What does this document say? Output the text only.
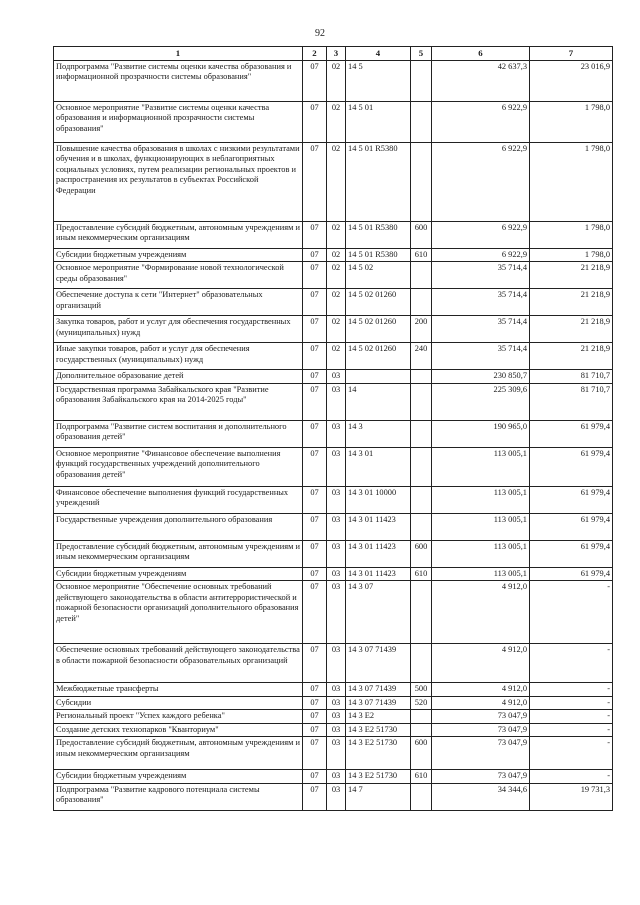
92
1	2	3	4	5	6	7
Подпрограмма "Развитие системы оценки качества образования и информационной прозрачности системы образования"	07	02	14 5		42 637,3	23 016,9
Основное мероприятие "Развитие системы оценки качества образования и информационной прозрачности системы образования"	07	02	14 5 01		6 922,9	1 798,0
Повышение качества образования в школах с низкими результатами обучения и в школах, функционирующих в неблагоприятных социальных условиях, путем реализации региональных проектов и распространения их результатов в субъектах Российской Федерации	07	02	14 5 01 R5380		6 922,9	1 798,0
Предоставление субсидий бюджетным, автономным учреждениям и иным некоммерческим организациям	07	02	14 5 01 R5380	600	6 922,9	1 798,0
Субсидии бюджетным учреждениям	07	02	14 5 01 R5380	610	6 922,9	1 798,0
Основное мероприятие "Формирование новой технологической среды образования"	07	02	14 5 02		35 714,4	21 218,9
Обеспечение доступа к сети "Интернет" образовательных организаций	07	02	14 5 02 01260		35 714,4	21 218,9
Закупка товаров, работ и услуг для обеспечения государственных (муниципальных) нужд	07	02	14 5 02 01260	200	35 714,4	21 218,9
Иные закупки товаров, работ и услуг для обеспечения государственных (муниципальных) нужд	07	02	14 5 02 01260	240	35 714,4	21 218,9
Дополнительное образование детей	07	03			230 850,7	81 710,7
Государственная программа Забайкальского края "Развитие образования Забайкальского края на 2014-2025 годы"	07	03	14		225 309,6	81 710,7
Подпрограмма "Развитие систем воспитания и дополнительного образования детей"	07	03	14 3		190 965,0	61 979,4
Основное мероприятие "Финансовое обеспечение выполнения функций государственных учреждений дополнительного образования детей"	07	03	14 3 01		113 005,1	61 979,4
Финансовое обеспечение выполнения функций государственных учреждений	07	03	14 3 01 10000		113 005,1	61 979,4
Государственные учреждения дополнительного образования	07	03	14 3 01 11423		113 005,1	61 979,4
Предоставление субсидий бюджетным, автономным учреждениям и иным некоммерческим организациям	07	03	14 3 01 11423	600	113 005,1	61 979,4
Субсидии бюджетным учреждениям	07	03	14 3 01 11423	610	113 005,1	61 979,4
Основное мероприятие "Обеспечение основных требований действующего законодательства в области антитеррористической и пожарной безопасности организаций дополнительного образования детей"	07	03	14 3 07		4 912,0	-
Обеспечение основных требований действующего законодательства в области пожарной безопасности образовательных организаций	07	03	14 3 07 71439		4 912,0	-
Межбюджетные трансферты	07	03	14 3 07 71439	500	4 912,0	-
Субсидии	07	03	14 3 07 71439	520	4 912,0	-
Региональный проект "Успех каждого ребенка"	07	03	14 3 E2		73 047,9	-
Создание детских технопарков "Кванториум"	07	03	14 3 E2 51730		73 047,9	-
Предоставление субсидий бюджетным, автономным учреждениям и иным некоммерческим организациям	07	03	14 3 E2 51730	600	73 047,9	-
Субсидии бюджетным учреждениям	07	03	14 3 E2 51730	610	73 047,9	-
Подпрограмма "Развитие кадрового потенциала системы образования"	07	03	14 7		34 344,6	19 731,3
